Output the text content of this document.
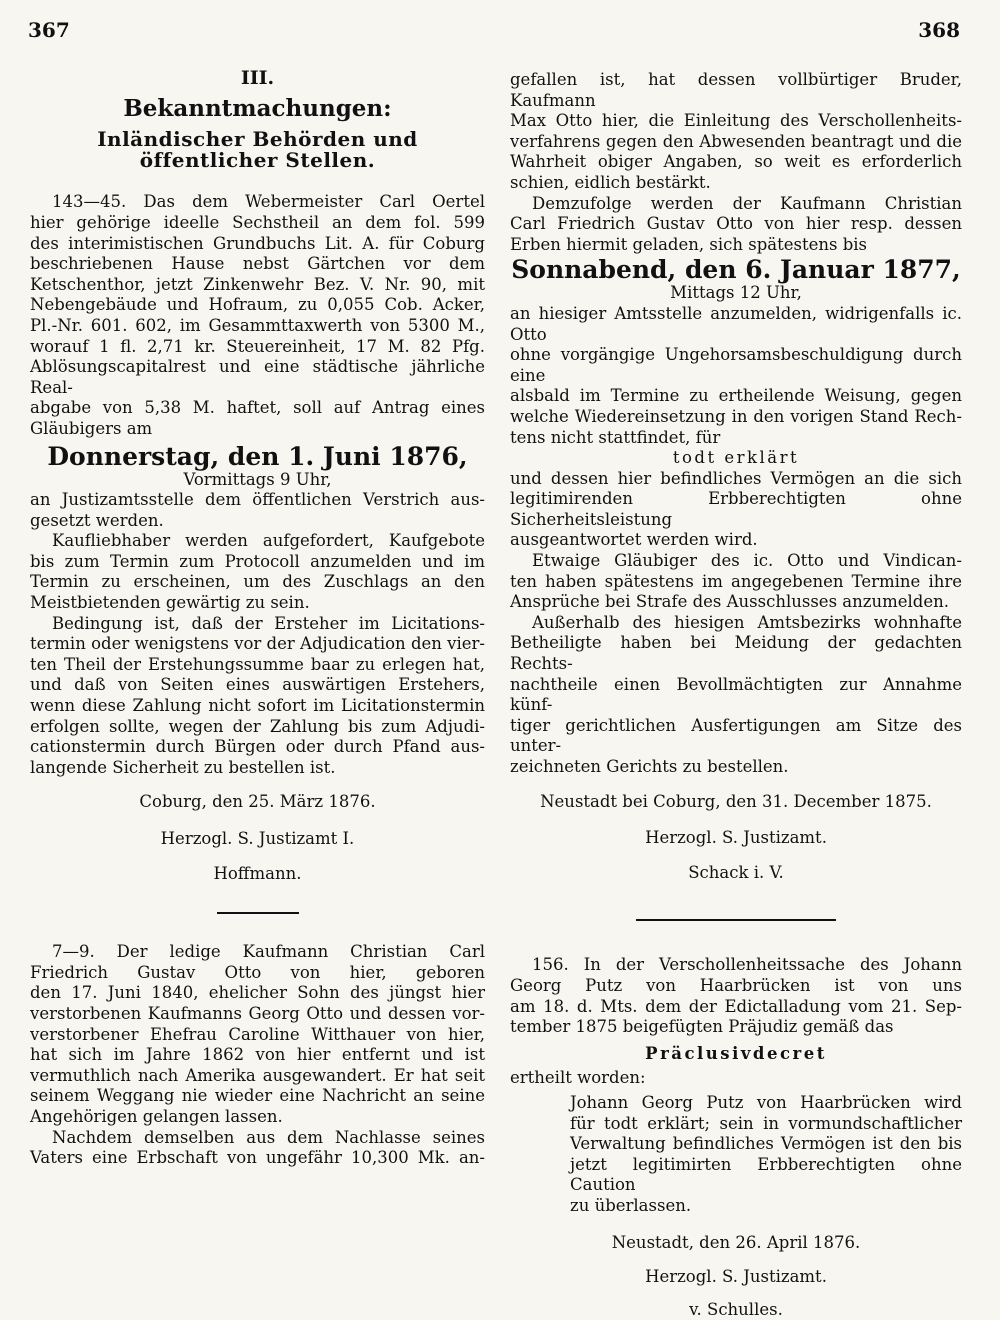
367	368
III.
Bekanntmachungen:
Inländischer Behörden und öffentlicher Stellen.
143—45. Das dem Webermeister Carl Oertel
hier gehörige ideelle Sechstheil an dem fol. 599
des interimistischen Grundbuchs Lit. A. für Coburg
beschriebenen Hause nebst Gärtchen vor dem
Ketschenthor, jetzt Zinkenwehr Bez. V. Nr. 90, mit
Nebengebäude und Hofraum, zu 0,055 Cob. Acker,
Pl.-Nr. 601. 602, im Gesammttaxwerth von 5300 M.,
worauf 1 fl. 2,71 kr. Steuereinheit, 17 M. 82 Pfg.
Ablösungscapitalrest und eine städtische jährliche Real-
abgabe von 5,38 M. haftet, soll auf Antrag eines
Gläubigers am
Donnerstag, den 1. Juni 1876,
Vormittags 9 Uhr,
an Justizamtsstelle dem öffentlichen Verstrich aus-
gesetzt werden.
Kaufliebhaber werden aufgefordert, Kaufgebote
bis zum Termin zum Protocoll anzumelden und im
Termin zu erscheinen, um des Zuschlags an den
Meistbietenden gewärtig zu sein.
Bedingung ist, daß der Ersteher im Licitations-
termin oder wenigstens vor der Adjudication den vier-
ten Theil der Erstehungssumme baar zu erlegen hat,
und daß von Seiten eines auswärtigen Erstehers,
wenn diese Zahlung nicht sofort im Licitationstermin
erfolgen sollte, wegen der Zahlung bis zum Adjudi-
cationstermin durch Bürgen oder durch Pfand aus-
langende Sicherheit zu bestellen ist.
Coburg, den 25. März 1876.
Herzogl. S. Justizamt I.
Hoffmann.
7—9. Der ledige Kaufmann Christian Carl
Friedrich Gustav Otto von hier, geboren
den 17. Juni 1840, ehelicher Sohn des jüngst hier
verstorbenen Kaufmanns Georg Otto und dessen vor-
verstorbener Ehefrau Caroline Witthauer von hier,
hat sich im Jahre 1862 von hier entfernt und ist
vermuthlich nach Amerika ausgewandert. Er hat seit
seinem Weggang nie wieder eine Nachricht an seine
Angehörigen gelangen lassen.
Nachdem demselben aus dem Nachlasse seines
Vaters eine Erbschaft von ungefähr 10,300 Mk. an-
gefallen ist, hat dessen vollbürtiger Bruder, Kaufmann
Max Otto hier, die Einleitung des Verschollenheits-
verfahrens gegen den Abwesenden beantragt und die
Wahrheit obiger Angaben, so weit es erforderlich
schien, eidlich bestärkt.
Demzufolge werden der Kaufmann Christian
Carl Friedrich Gustav Otto von hier resp. dessen
Erben hiermit geladen, sich spätestens bis
Sonnabend, den 6. Januar 1877,
Mittags 12 Uhr,
an hiesiger Amtsstelle anzumelden, widrigenfalls ic. Otto
ohne vorgängige Ungehorsamsbeschuldigung durch eine
alsbald im Termine zu ertheilende Weisung, gegen
welche Wiedereinsetzung in den vorigen Stand Rech-
tens nicht stattfindet, für
todt erklärt
und dessen hier befindliches Vermögen an die sich
legitimirenden Erbberechtigten ohne Sicherheitsleistung
ausgeantwortet werden wird.
Etwaige Gläubiger des ic. Otto und Vindican-
ten haben spätestens im angegebenen Termine ihre
Ansprüche bei Strafe des Ausschlusses anzumelden.
Außerhalb des hiesigen Amtsbezirks wohnhafte
Betheiligte haben bei Meidung der gedachten Rechts-
nachtheile einen Bevollmächtigten zur Annahme künf-
tiger gerichtlichen Ausfertigungen am Sitze des unter-
zeichneten Gerichts zu bestellen.
Neustadt bei Coburg, den 31. December 1875.
Herzogl. S. Justizamt.
Schack i. V.
156. In der Verschollenheitssache des Johann
Georg Putz von Haarbrücken ist von uns
am 18. d. Mts. dem der Edictalladung vom 21. Sep-
tember 1875 beigefügten Präjudiz gemäß das
Präclusivdecret
ertheilt worden:
Johann Georg Putz von Haarbrücken wird
für todt erklärt; sein in vormundschaftlicher
Verwaltung befindliches Vermögen ist den bis
jetzt legitimirten Erbberechtigten ohne Caution
zu überlassen.
Neustadt, den 26. April 1876.
Herzogl. S. Justizamt.
v. Schulles.
